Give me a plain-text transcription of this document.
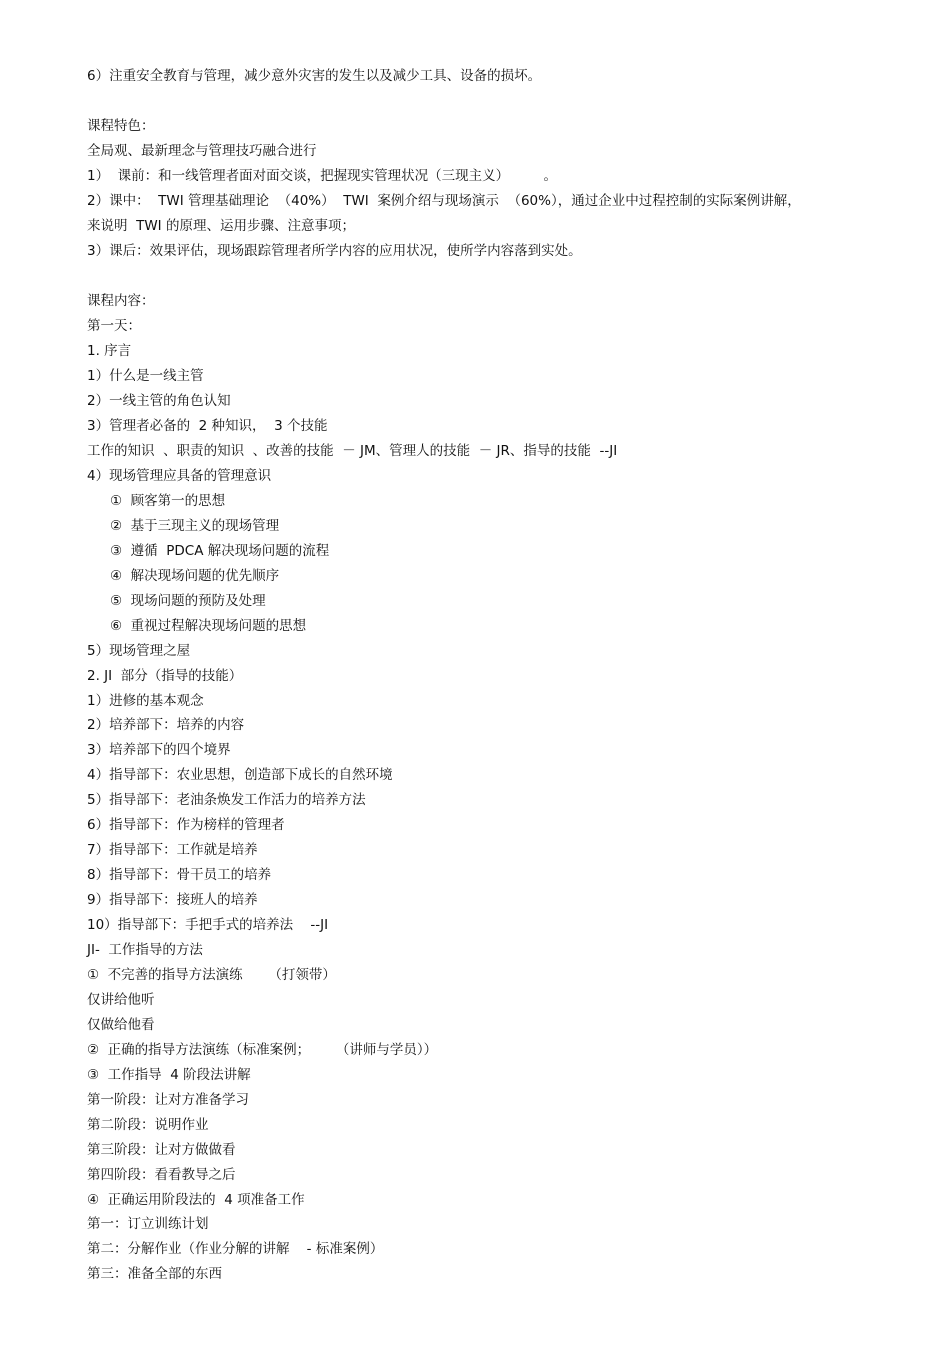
6）注重安全教育与管理，减少意外灾害的发生以及减少工具、设备的损坏。
课程特色：
全局观、最新理念与管理技巧融合进行
1）  课前：和一线管理者面对面交谈，把握现实管理状况（三现主义）        。
2）课中：  TWI 管理基础理论  （40%）  TWI  案例介绍与现场演示  （60%），通过企业中过程控制的实际案例讲解，
来说明  TWI 的原理、运用步骤、注意事项；
3）课后：效果评估，现场跟踪管理者所学内容的应用状况，使所学内容落到实处。
课程内容：
第一天：
1. 序言
1）什么是一线主管
2）一线主管的角色认知
3）管理者必备的  2 种知识，  3 个技能
工作的知识  、职责的知识  、改善的技能  － JM、管理人的技能  － JR、指导的技能  --JI
4）现场管理应具备的管理意识
①  顾客第一的思想
②  基于三现主义的现场管理
③  遵循  PDCA 解决现场问题的流程
④  解决现场问题的优先顺序
⑤  现场问题的预防及处理
⑥  重视过程解决现场问题的思想
5）现场管理之屋
2. JI  部分（指导的技能）
1）进修的基本观念
2）培养部下：培养的内容
3）培养部下的四个境界
4）指导部下：农业思想，创造部下成长的自然环境
5）指导部下：老油条焕发工作活力的培养方法
6）指导部下：作为榜样的管理者
7）指导部下：工作就是培养
8）指导部下：骨干员工的培养
9）指导部下：接班人的培养
10）指导部下：手把手式的培养法    --JI
JI-  工作指导的方法
①  不完善的指导方法演练      （打领带）
仅讲给他听
仅做给他看
②  正确的指导方法演练（标准案例；      （讲师与学员））
③  工作指导  4 阶段法讲解
第一阶段：让对方准备学习
第二阶段：说明作业
第三阶段：让对方做做看
第四阶段：看看教导之后
④  正确运用阶段法的  4 项准备工作
第一：订立训练计划
第二：分解作业（作业分解的讲解    - 标准案例）
第三：准备全部的东西
